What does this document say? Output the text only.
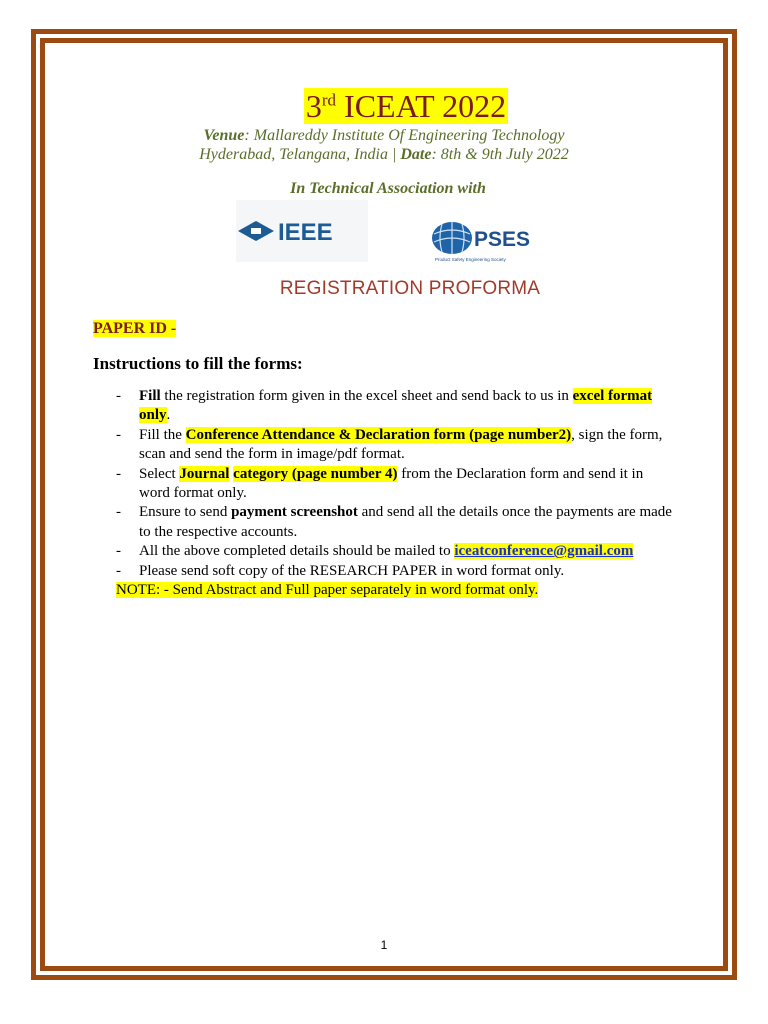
3rd ICEAT 2022
Venue: Mallareddy Institute Of Engineering Technology
Hyderabad, Telangana, India | Date: 8th & 9th July 2022
In Technical Association with
IEEE	PSES
Product Safety Engineering Society
REGISTRATION PROFORMA
PAPER ID -
Instructions to fill the forms:
-	Fill the registration form given in the excel sheet and send back to us in excel format only.
-	Fill the Conference Attendance & Declaration form (page number2), sign the form, scan and send the form in image/pdf format.
-	Select Journal category (page number 4) from the Declaration form and send it in word format only.
-	Ensure to send payment screenshot and send all the details once the payments are made to the respective accounts.
-	All the above completed details should be mailed to iceatconference@gmail.com
-	Please send soft copy of the RESEARCH PAPER in word format only.
NOTE: - Send Abstract and Full paper separately in word format only.
1
